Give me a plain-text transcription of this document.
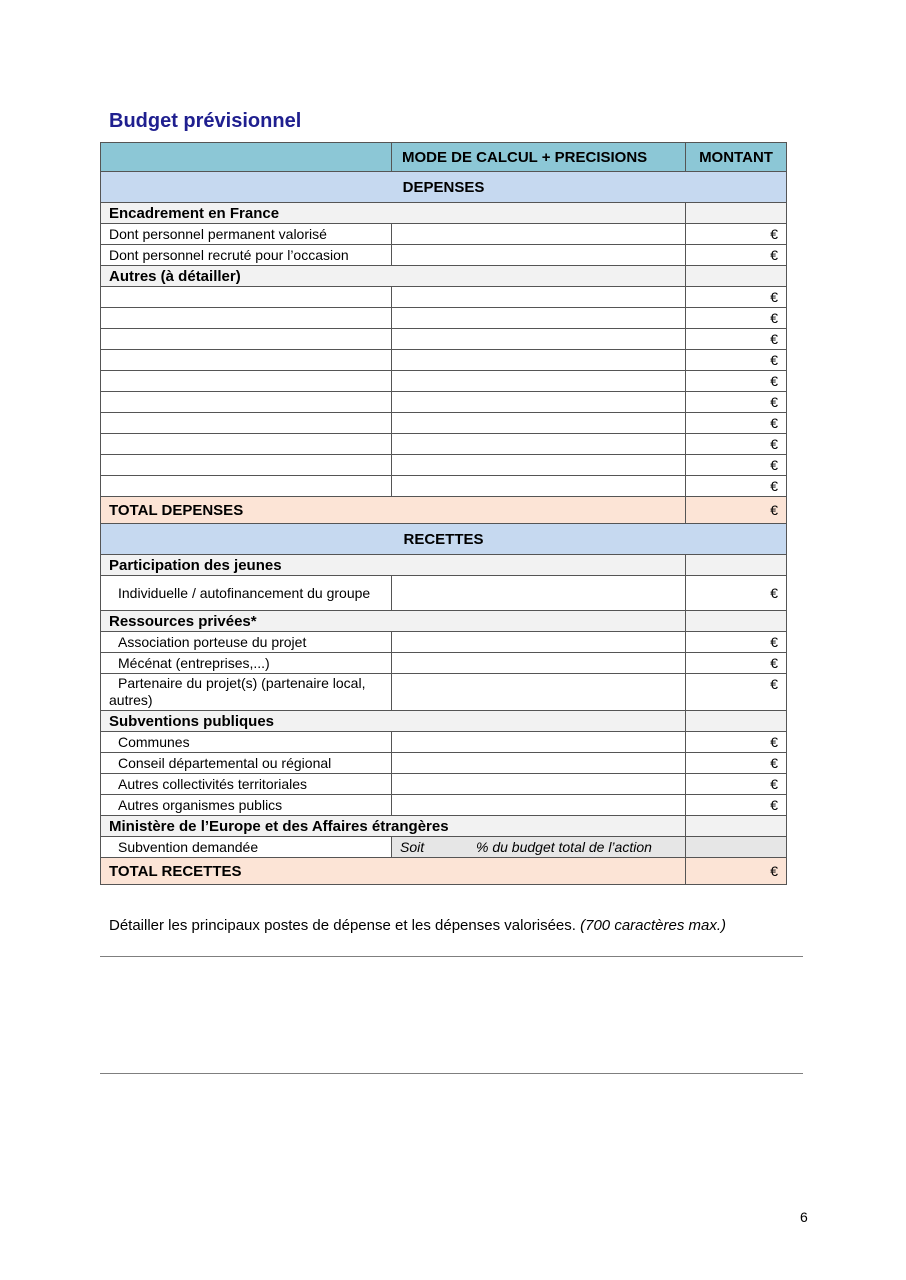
Budget prévisionnel
	MODE DE CALCUL + PRECISIONS	MONTANT
DEPENSES		
Encadrement en France		
Dont personnel permanent valorisé		€
Dont personnel recruté pour l’occasion		€
Autres (à détailler)		
		€
		€
		€
		€
		€
		€
		€
		€
		€
		€
TOTAL DEPENSES		€
RECETTES		
Participation des jeunes		
Individuelle / autofinancement du groupe		€
Ressources privées*		
Association porteuse du projet		€
Mécénat (entreprises,...)		€
Partenaire du projet(s) (partenaire local, autres)		€
Subventions publiques		
Communes		€
Conseil départemental ou régional		€
Autres collectivités territoriales		€
Autres organismes publics		€
Ministère de l’Europe et des Affaires étrangères		
Subvention demandée	Soit % du budget total de l’action	
TOTAL RECETTES		€
Détailler les principaux postes de dépense et les dépenses valorisées. (700 caractères max.)
6
